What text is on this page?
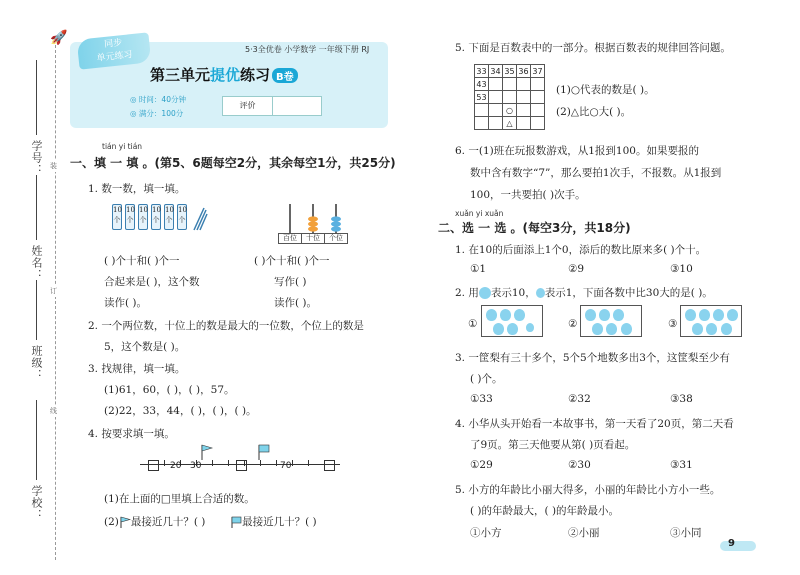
学号：
姓名：
班级：
学校：
装
订
线
🚀	同步
单元练习
5·3全优卷 小学数学 一年级下册 RJ
第三单元提优练习 B卷
◎ 时间：40分钟
◎ 满分：100分
评价
tián yi tián
一、填 一 填 。(第5、6题每空2分，其余每空1分，共25分)
1. 数一数，填一填。
10个
10个
10个
10个
10个
10个
百位	十位	个位
( )个十和( )个一	( )个十和( )个一
合起来是( )，这个数	写作( )
读作( )。	读作( )。
2. 一个两位数，十位上的数是最大的一位数，个位上的数是
5，这个数是( )。
3. 找规律，填一填。
(1)61，60，( )，( )，57。
(2)22，33，44，( )，( )，( )。
4. 按要求填一填。
20 30	70
(1)在上面的□里填上合适的数。
(2) 最接近几十？( )	最接近几十？( )
5. 下面是百数表中的一部分。根据百数表的规律回答问题。
33	34	35	36	37
43				
53				
		○		
		△		
(1)○代表的数是( )。
(2)△比○大( )。
6. 一(1)班在玩报数游戏，从1报到100。如果要报的
数中含有数字“7”，那么要拍1次手，不报数。从1报到
100，一共要拍( )次手。
xuǎn yi xuǎn
二、选 一 选 。(每空3分，共18分)
1. 在10的后面添上1个0，添后的数比原来多( )个十。
①1	②9	③10
2. 用 表示10， 表示1，下面各数中比30大的是( )。
①	②	③
3. 一筐梨有三十多个，5个5个地数多出3个，这筐梨至少有
( )个。
①33	②32	③38
4. 小华从头开始看一本故事书，第一天看了20页，第二天看
了9页。第三天他要从第( )页看起。
①29	②30	③31
5. 小方的年龄比小丽大得多，小丽的年龄比小方小一些。
( )的年龄最大，( )的年龄最小。
①小方	②小丽	③小同
9
